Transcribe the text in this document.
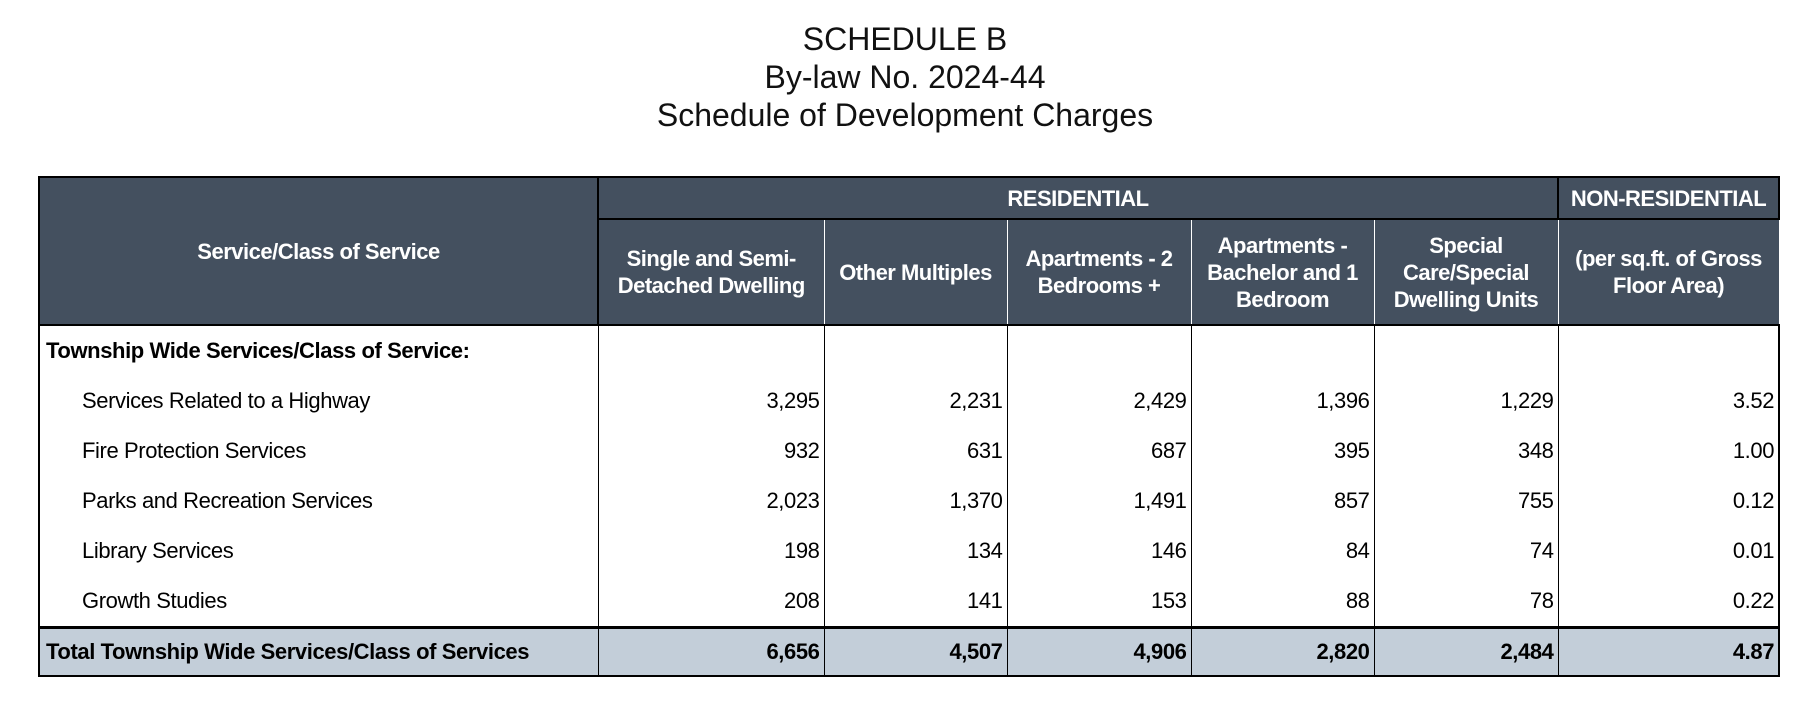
SCHEDULE B
By-law No. 2024-44
Schedule of Development Charges
Service/Class of Service	RESIDENTIAL					NON-RESIDENTIAL
	Single and Semi-Detached Dwelling	Other Multiples	Apartments - 2 Bedrooms +	Apartments - Bachelor and 1 Bedroom	Special Care/Special Dwelling Units	(per sq.ft. of Gross Floor Area)
Township Wide Services/Class of Service:						
Services Related to a Highway	3,295	2,231	2,429	1,396	1,229	3.52
Fire Protection Services	932	631	687	395	348	1.00
Parks and Recreation Services	2,023	1,370	1,491	857	755	0.12
Library Services	198	134	146	84	74	0.01
Growth Studies	208	141	153	88	78	0.22
Total Township Wide Services/Class of Services	6,656	4,507	4,906	2,820	2,484	4.87
